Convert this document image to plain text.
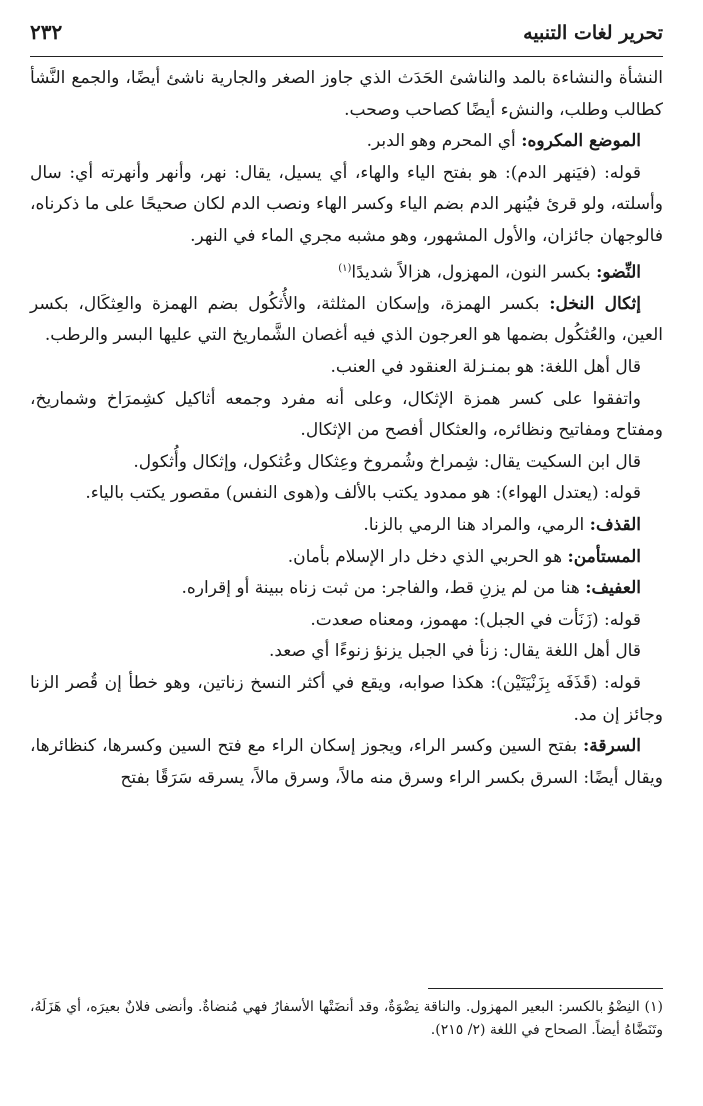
تحرير لغات التنبيه
٢٣٢

النشأة والنشاءة بالمد والناشئ الحَدَث الذي جاوز الصغر والجارية ناشئ أيضًا، والجمع النَّشأ كطالب وطلب، والنشء أيضًا كصاحب وصحب.

الموضع المكروه: أي المحرم وهو الدبر.

قوله: (فيَنهر الدم): هو بفتح الياء والهاء، أي يسيل، يقال: نهر، وأنهر وأنهرته أي: سال وأسلته، ولو قرئ فيُنهر الدم بضم الياء وكسر الهاء ونصب الدم لكان صحيحًا على ما ذكرناه، فالوجهان جائزان، والأول المشهور، وهو مشبه مجري الماء في النهر.

النِّضو: بكسر النون، المهزول، هزالاً شديدًا$^{(١)}$

إثكال النخل: بكسر الهمزة، وإسكان المثلثة، والأُثكُول بضم الهمزة والعِثكَال، بكسر العين، والعُثكُول بضمها هو العرجون الذي فيه أغصان الشَّماريخ التي عليها البسر والرطب.

قال أهل اللغة: هو بمنـزلة العنقود في العنب.

واتفقوا على كسر همزة الإثكال، وعلى أنه مفرد وجمعه أثاكيل كشِمرَاخ وشماريخ، ومفتاح ومفاتيح ونظائره، والعثكال أفصح من الإثكال.

قال ابن السكيت يقال: شِمراخ وشُمروخ وعِثكال وعُثكول، وإثكال وأُثكول.

قوله: (يعتدل الهواء): هو ممدود يكتب بالألف و(هوى النفس) مقصور يكتب بالياء.

القذف: الرمي، والمراد هنا الرمي بالزنا.

المستأمن: هو الحربي الذي دخل دار الإسلام بأمان.

العفيف: هنا من لم يزنِ قط، والفاجر: من ثبت زناه ببينة أو إقراره.

قوله: (زَنَأت في الجبل): مهموز، ومعناه صعدت.

قال أهل اللغة يقال: زنأ في الجبل يزنؤ زنوءًا أي صعد.

قوله: (قَذَفَه بِزَنْيَتَيْن): هكذا صوابه، ويقع في أكثر النسخ زناتين، وهو خطأ إن قُصر الزنا وجائز إن مد.

السرقة: بفتح السين وكسر الراء، ويجوز إسكان الراء مع فتح السين وكسرها، كنظائرها، ويقال أيضًا: السرق بكسر الراء وسرق منه مالاً، وسرق مالاً، يسرقه سَرَقًا بفتح

(١) النِضْوُ بالكسر: البعير المهزول. والناقة نِضْوَةٌ، وقد أنضَتْها الأسفارُ فهي مُنضاةٌ. وأنضى فلانٌ بعيرَه، أي هَزَلَهُ، وتَنَضَّاهُ أيضاً. الصحاح في اللغة (٢/ ٢١٥).
